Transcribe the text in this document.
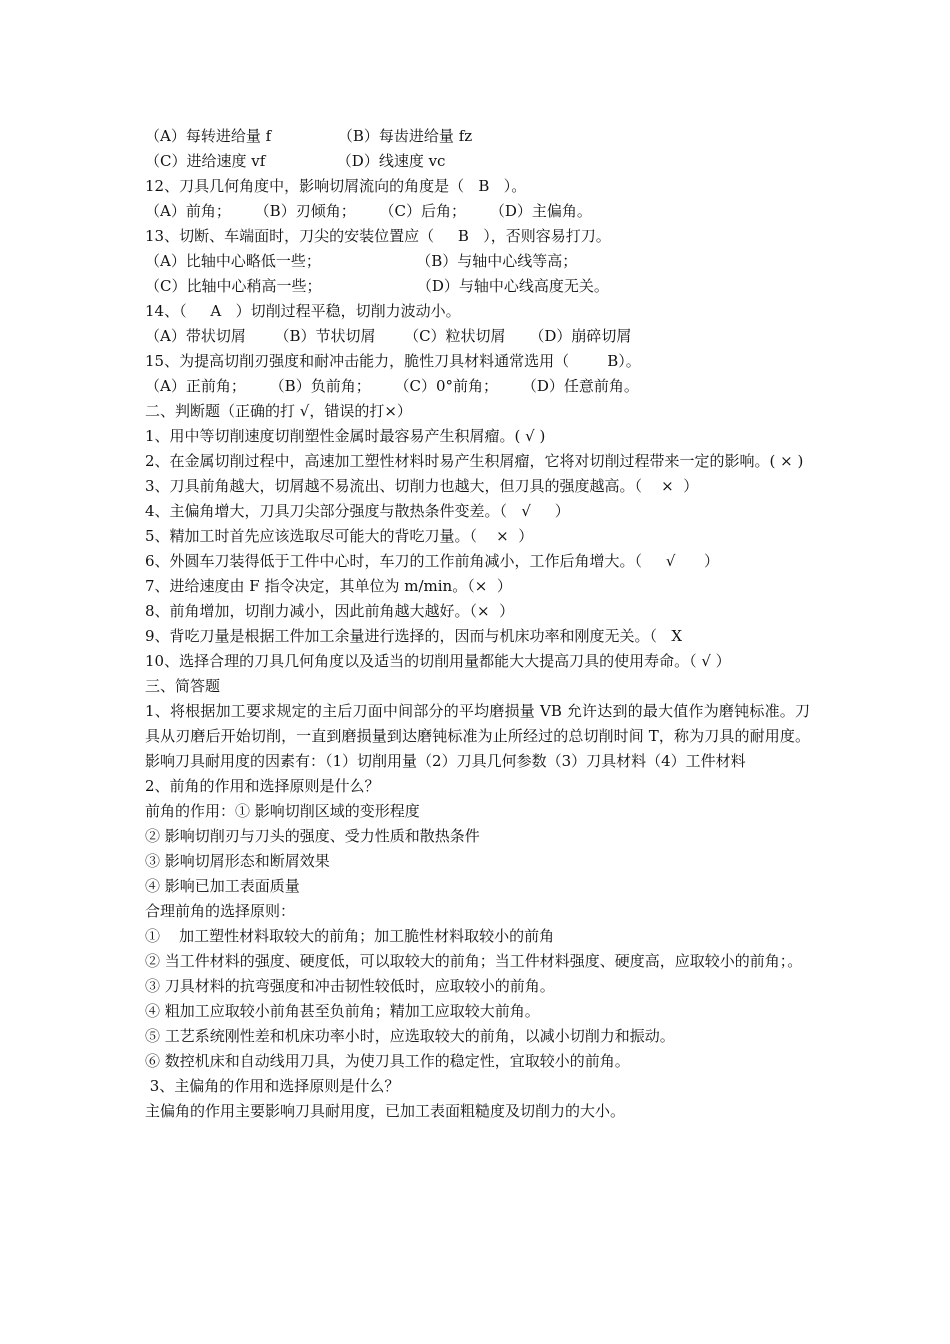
（A）每转进给量 f              （B）每齿进给量 fz
（C）进给速度 vf               （D）线速度 vc
12、刀具几何角度中，影响切屑流向的角度是（   B   ）。
（A）前角；     （B）刃倾角；     （C）后角；     （D）主偏角。
13、切断、车端面时，刀尖的安装位置应（     B   ），否则容易打刀。
（A）比轴中心略低一些；                    （B）与轴中心线等高；
（C）比轴中心稍高一些；                    （D）与轴中心线高度无关。
14、（     A   ）切削过程平稳，切削力波动小。
（A）带状切屑      （B）节状切屑      （C）粒状切屑     （D）崩碎切屑
15、为提高切削刃强度和耐冲击能力，脆性刀具材料通常选用（        B）。
（A）正前角；     （B）负前角；     （C）0°前角；     （D）任意前角。
二、判断题（正确的打 √，错误的打×）
1、用中等切削速度切削塑性金属时最容易产生积屑瘤。( √ )
2、在金属切削过程中，高速加工塑性材料时易产生积屑瘤，它将对切削过程带来一定的影响。( × )
3、刀具前角越大，切屑越不易流出、切削力也越大，但刀具的强度越高。（    ×  ）
4、主偏角增大，刀具刀尖部分强度与散热条件变差。（   √     ）
5、精加工时首先应该选取尽可能大的背吃刀量。（    ×  ）
6、外圆车刀装得低于工件中心时，车刀的工作前角减小，工作后角增大。（     √      ）
7、进给速度由 F 指令决定，其单位为 m/min。（×  ）
8、前角增加，切削力减小，因此前角越大越好。（×  ）
9、背吃刀量是根据工件加工余量进行选择的，因而与机床功率和刚度无关。（   X
10、选择合理的刀具几何角度以及适当的切削用量都能大大提高刀具的使用寿命。（ √ ）
三、简答题
1、将根据加工要求规定的主后刀面中间部分的平均磨损量 VB 允许达到的最大值作为磨钝标准。刀具从刃磨后开始切削，一直到磨损量到达磨钝标准为止所经过的总切削时间 T，称为刀具的耐用度。影响刀具耐用度的因素有：（1）切削用量（2）刀具几何参数（3）刀具材料（4）工件材料
2、前角的作用和选择原则是什么？
前角的作用：① 影响切削区域的变形程度
② 影响切削刃与刀头的强度、受力性质和散热条件
③ 影响切屑形态和断屑效果
④ 影响已加工表面质量
合理前角的选择原则：
①    加工塑性材料取较大的前角；加工脆性材料取较小的前角
② 当工件材料的强度、硬度低，可以取较大的前角；当工件材料强度、硬度高，应取较小的前角；。
③ 刀具材料的抗弯强度和冲击韧性较低时，应取较小的前角。
④ 粗加工应取较小前角甚至负前角；精加工应取较大前角。
⑤ 工艺系统刚性差和机床功率小时，应选取较大的前角，以减小切削力和振动。
⑥ 数控机床和自动线用刀具，为使刀具工作的稳定性，宜取较小的前角。
3、主偏角的作用和选择原则是什么？
主偏角的作用主要影响刀具耐用度，已加工表面粗糙度及切削力的大小。
